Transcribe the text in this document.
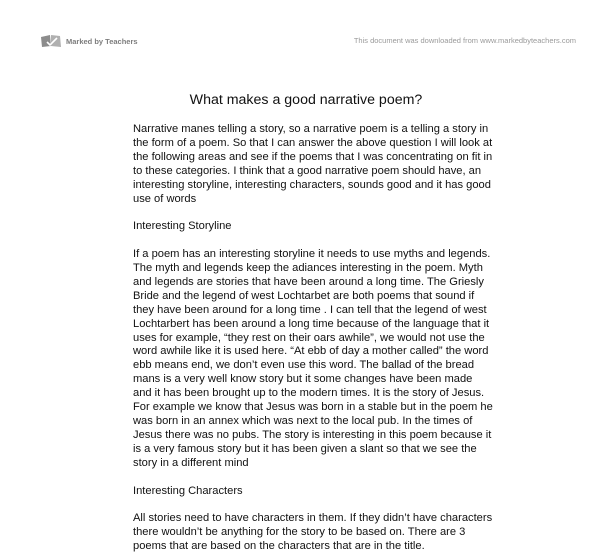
Marked by Teachers	This document was downloaded from www.markedbyteachers.com
What makes a good narrative poem?

Narrative manes telling a story, so a narrative poem is a telling a story in the form of a poem. So that I can answer the above question I will look at the following areas and see if the poems that I was concentrating on fit in to these categories. I think that a good narrative poem should have, an interesting storyline, interesting characters, sounds good and it has good use of words

Interesting Storyline

If a poem has an interesting storyline it needs to use myths and legends. The myth and legends keep the adiances interesting in the poem. Myth and legends are stories that have been around a long time. The Griesly Bride and the legend of west Lochtarbet are both poems that sound if they have been around for a long time . I can tell that the legend of west Lochtarbert has been around a long time because of the language that it uses for example, “they rest on their oars awhile”, we would not use the word awhile like it is used here. “At ebb of day a mother called” the word ebb means end, we don’t even use this word. The ballad of the bread mans is a very well know story but it some changes have been made and it has been brought up to the modern times. It is the story of Jesus. For example we know that Jesus was born in a stable but in the poem he was born in an annex which was next to the local pub. In the times of Jesus there was no pubs. The story is interesting in this poem because it is a very famous story but it has been given a slant so that we see the story in a different mind

Interesting Characters

All stories need to have characters in them. If they didn’t have characters there wouldn’t be anything for the story to be based on. There are 3 poems that are based on the characters that are in the title.
